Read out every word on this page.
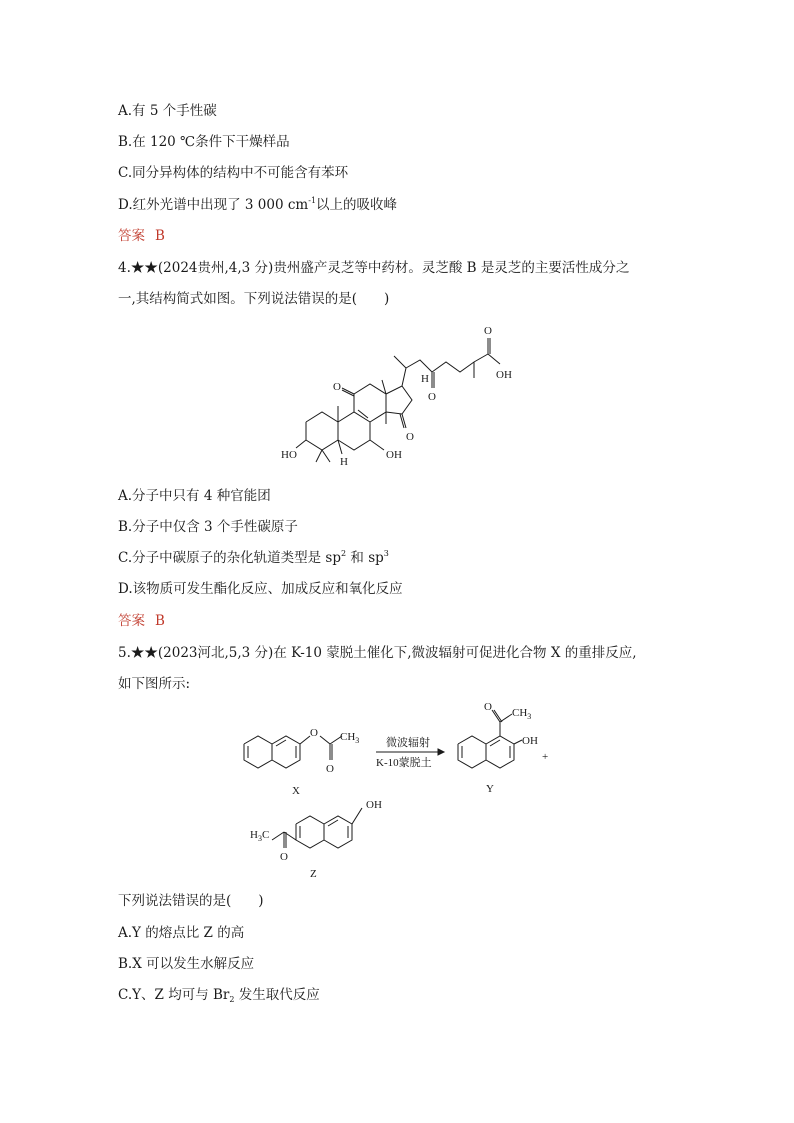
A.有 5 个手性碳
B.在 120 ℃条件下干燥样品
C.同分异构体的结构中不可能含有苯环
D.红外光谱中出现了 3 000 $cm^{-1}$以上的吸收峰
答案 B
4.★★(2024贵州,4,3 分)贵州盛产灵芝等中药材。灵芝酸 B 是灵芝的主要活性成分之
一,其结构简式如图。下列说法错误的是(　　)
O
OH
O
O
H
O
HO
H
OH
A.分子中只有 4 种官能团
B.分子中仅含 3 个手性碳原子
C.分子中碳原子的杂化轨道类型是 $sp^2$ 和 $sp^3$
D.该物质可发生酯化反应、加成反应和氧化反应
答案 B
5.★★(2023河北,5,3 分)在 K-10 蒙脱土催化下,微波辐射可促进化合物 X 的重排反应,
如下图所示:
O $CH_3$
O
X
微波辐射
K-10蒙脱土
O $CH_3$
OH
+
Y
OH
$H_3C$
O
Z
下列说法错误的是(　　)
A.Y 的熔点比 Z 的高
B.X 可以发生水解反应
C.Y、Z 均可与 $Br_2$ 发生取代反应
